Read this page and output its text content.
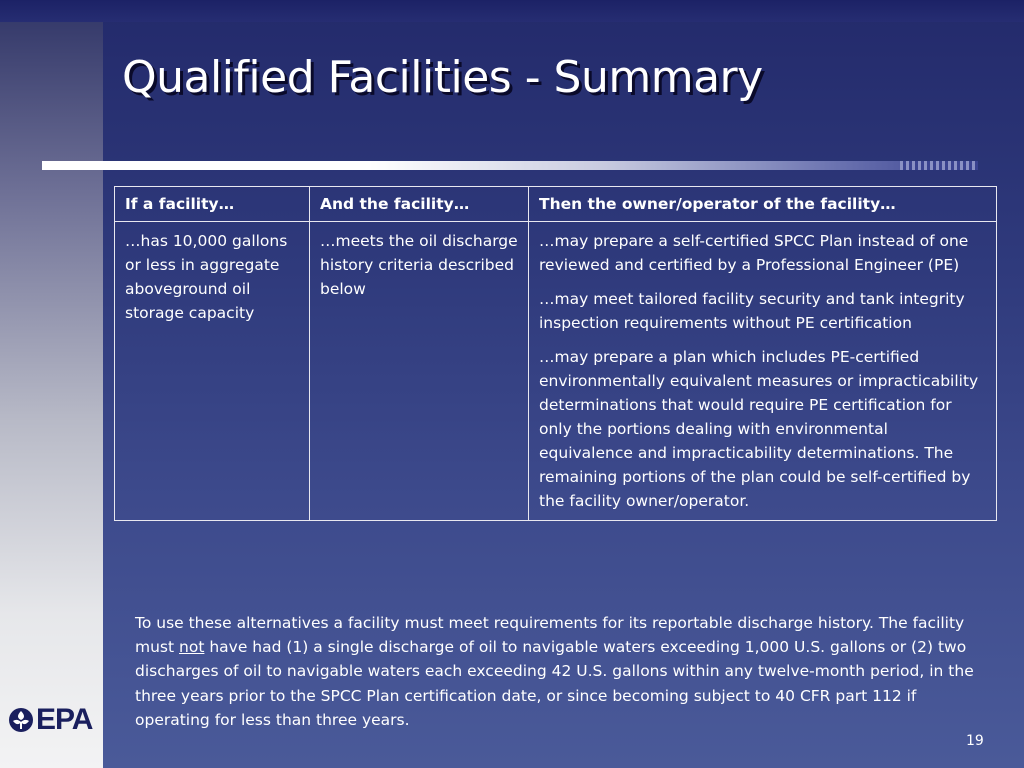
Qualified Facilities - Summary
If a facility…	And the facility…	Then the owner/operator of the facility…
…has 10,000 gallons or less in aggregate aboveground oil storage capacity	…meets the oil discharge history criteria described below	…may prepare a self-certified SPCC Plan instead of one reviewed and certified by a Professional Engineer (PE)

…may meet tailored facility security and tank integrity inspection requirements without PE certification

…may prepare a plan which includes PE-certified environmentally equivalent measures or impracticability determinations that would require PE certification for only the portions dealing with environmental equivalence and impracticability determinations. The remaining portions of the plan could be self-certified by the facility owner/operator.

To use these alternatives a facility must meet requirements for its reportable discharge history. The facility must not have had (1) a single discharge of oil to navigable waters exceeding 1,000 U.S. gallons or (2) two discharges of oil to navigable waters each exceeding 42 U.S. gallons within any twelve-month period, in the three years prior to the SPCC Plan certification date, or since becoming subject to 40 CFR part 112 if operating for less than three years.
EPA
19
